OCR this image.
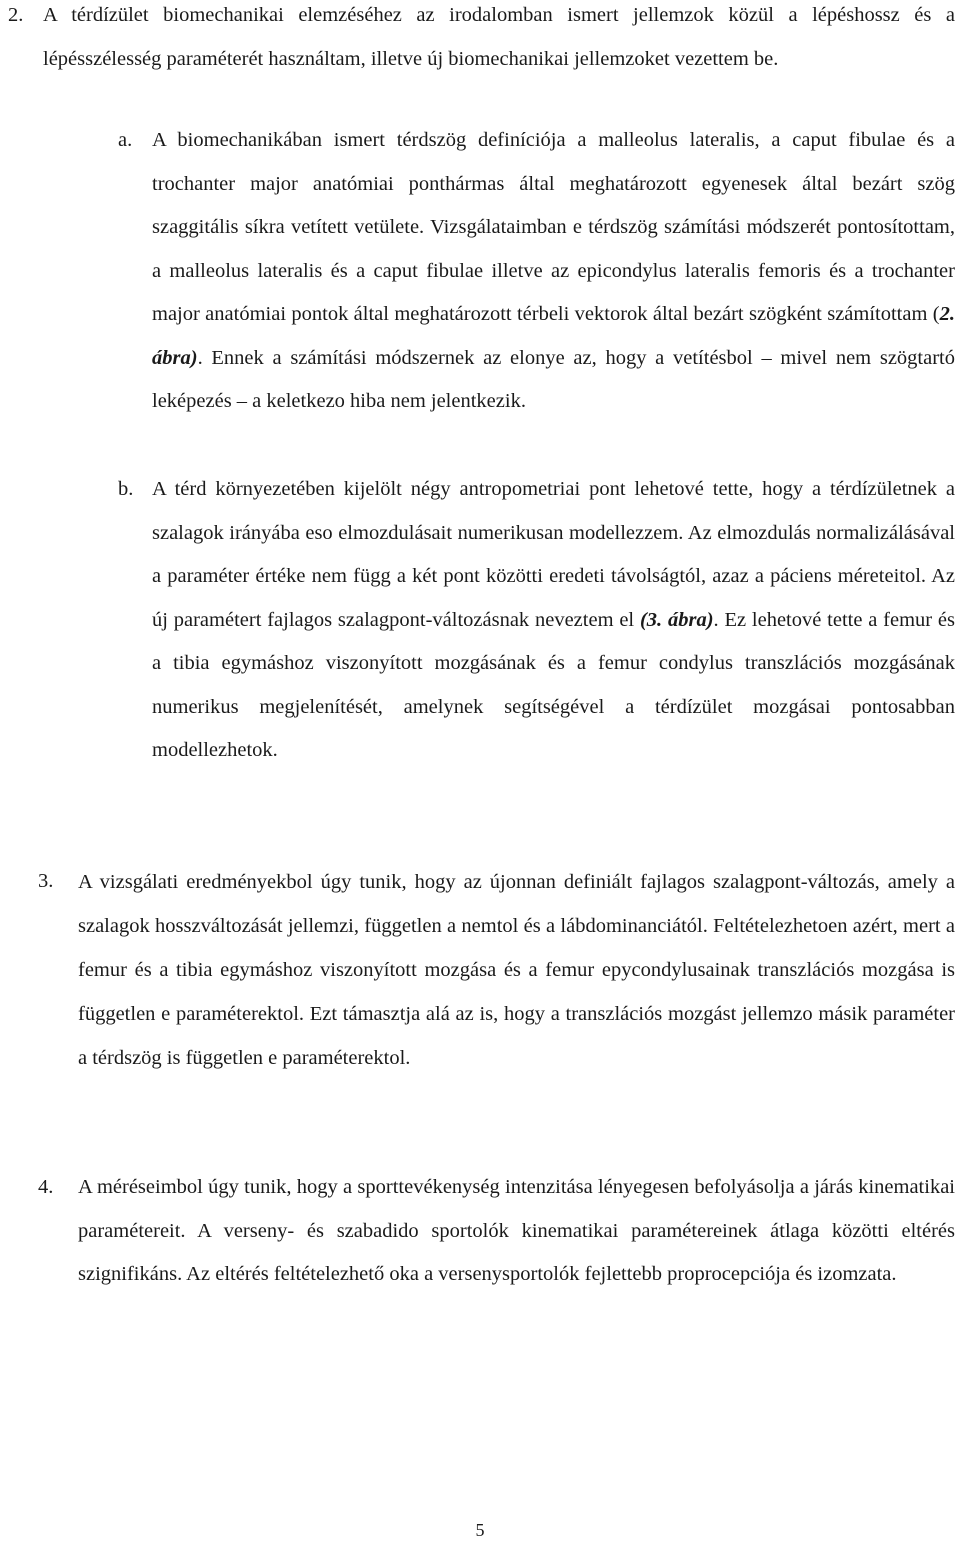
2. A térdízület biomechanikai elemzéséhez az irodalomban ismert jellemzok közül a lépéshossz és a lépésszélesség paraméterét használtam, illetve új biomechanikai jellemzoket vezettem be.

a. A biomechanikában ismert térdszög definíciója a malleolus lateralis, a caput fibulae és a trochanter major anatómiai ponthármas által meghatározott egyenesek által bezárt szög szaggitális síkra vetített vetülete. Vizsgálataimban e térdszög számítási módszerét pontosítottam, a malleolus lateralis és a caput fibulae illetve az epicondylus lateralis femoris és a trochanter major anatómiai pontok által meghatározott térbeli vektorok által bezárt szögként számítottam (2. ábra). Ennek a számítási módszernek az elonye az, hogy a vetítésbol – mivel nem szögtartó leképezés – a keletkezo hiba nem jelentkezik.

b. A térd környezetében kijelölt négy antropometriai pont lehetové tette, hogy a térdízületnek a szalagok irányába eso elmozdulásait numerikusan modellezzem. Az elmozdulás normalizálásával a paraméter értéke nem függ a két pont közötti eredeti távolságtól, azaz a páciens méreteitol. Az új paramétert fajlagos szalagpont-változásnak neveztem el (3. ábra). Ez lehetové tette a femur és a tibia egymáshoz viszonyított mozgásának és a femur condylus transzlációs mozgásának numerikus megjelenítését, amelynek segítségével a térdízület mozgásai pontosabban modellezhetok.

3. A vizsgálati eredményekbol úgy tunik, hogy az újonnan definiált fajlagos szalagpont-változás, amely a szalagok hosszváltozását jellemzi, független a nemtol és a lábdominanciától. Feltételezhetoen azért, mert a femur és a tibia egymáshoz viszonyított mozgása és a femur epycondylusainak transzlációs mozgása is független e paraméterektol. Ezt támasztja alá az is, hogy a transzlációs mozgást jellemzo másik paraméter a térdszög is független e paraméterektol.

4. A méréseimbol úgy tunik, hogy a sporttevékenység intenzitása lényegesen befolyásolja a járás kinematikai paramétereit. A verseny- és szabadido sportolók kinematikai paramétereinek átlaga közötti eltérés szignifikáns. Az eltérés feltételezhető oka a versenysportolók fejlettebb proprocepciója és izomzata.

5
